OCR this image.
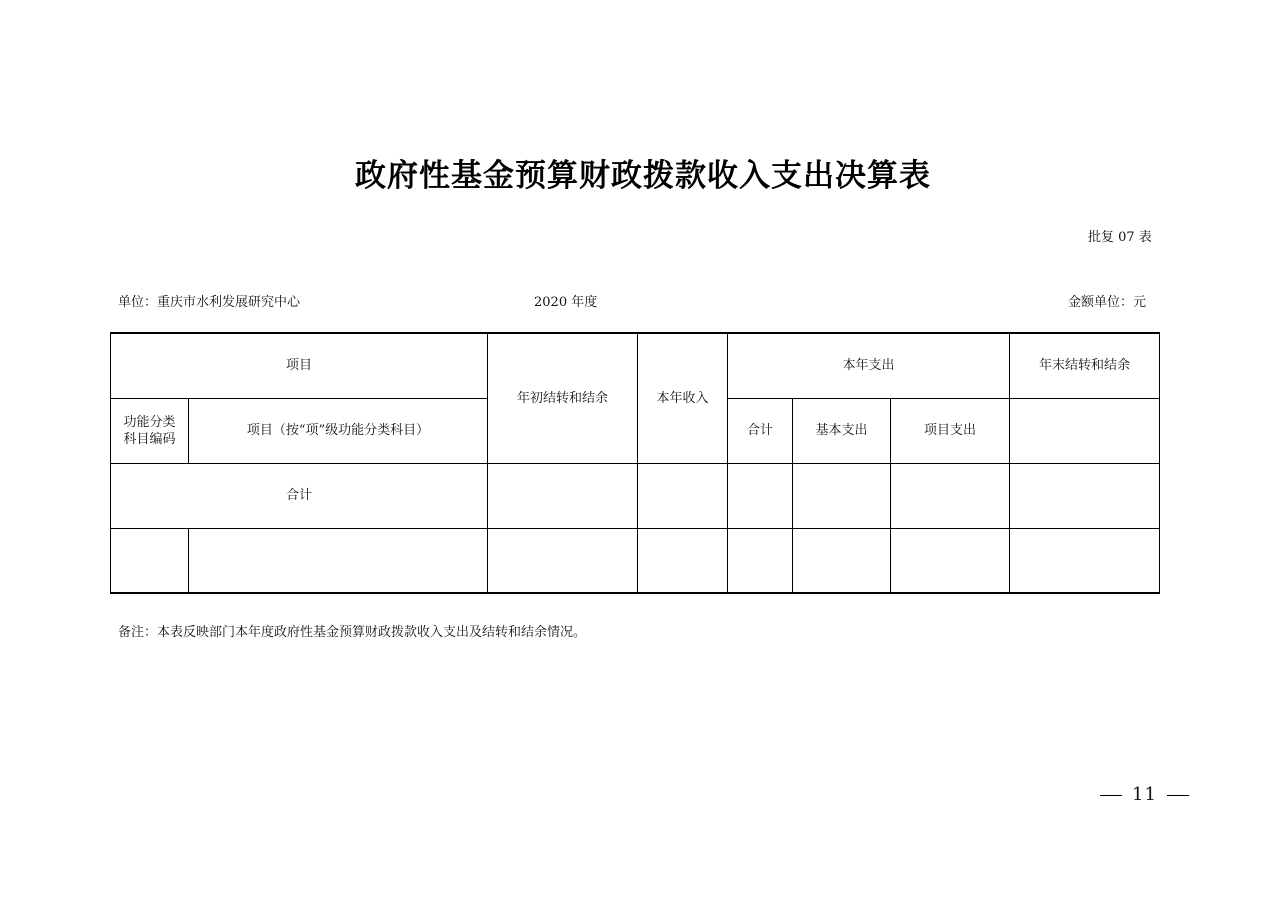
政府性基金预算财政拨款收入支出决算表
批复 07 表
单位：重庆市水利发展研究中心	2020 年度	金额单位：元
项目		年初结转和结余	本年收入	本年支出			年末结转和结余
功能分类科目编码	项目（按“项”级功能分类科目）			合计	基本支出	项目支出	
合计							

备注：本表反映部门本年度政府性基金预算财政拨款收入支出及结转和结余情况。
11
